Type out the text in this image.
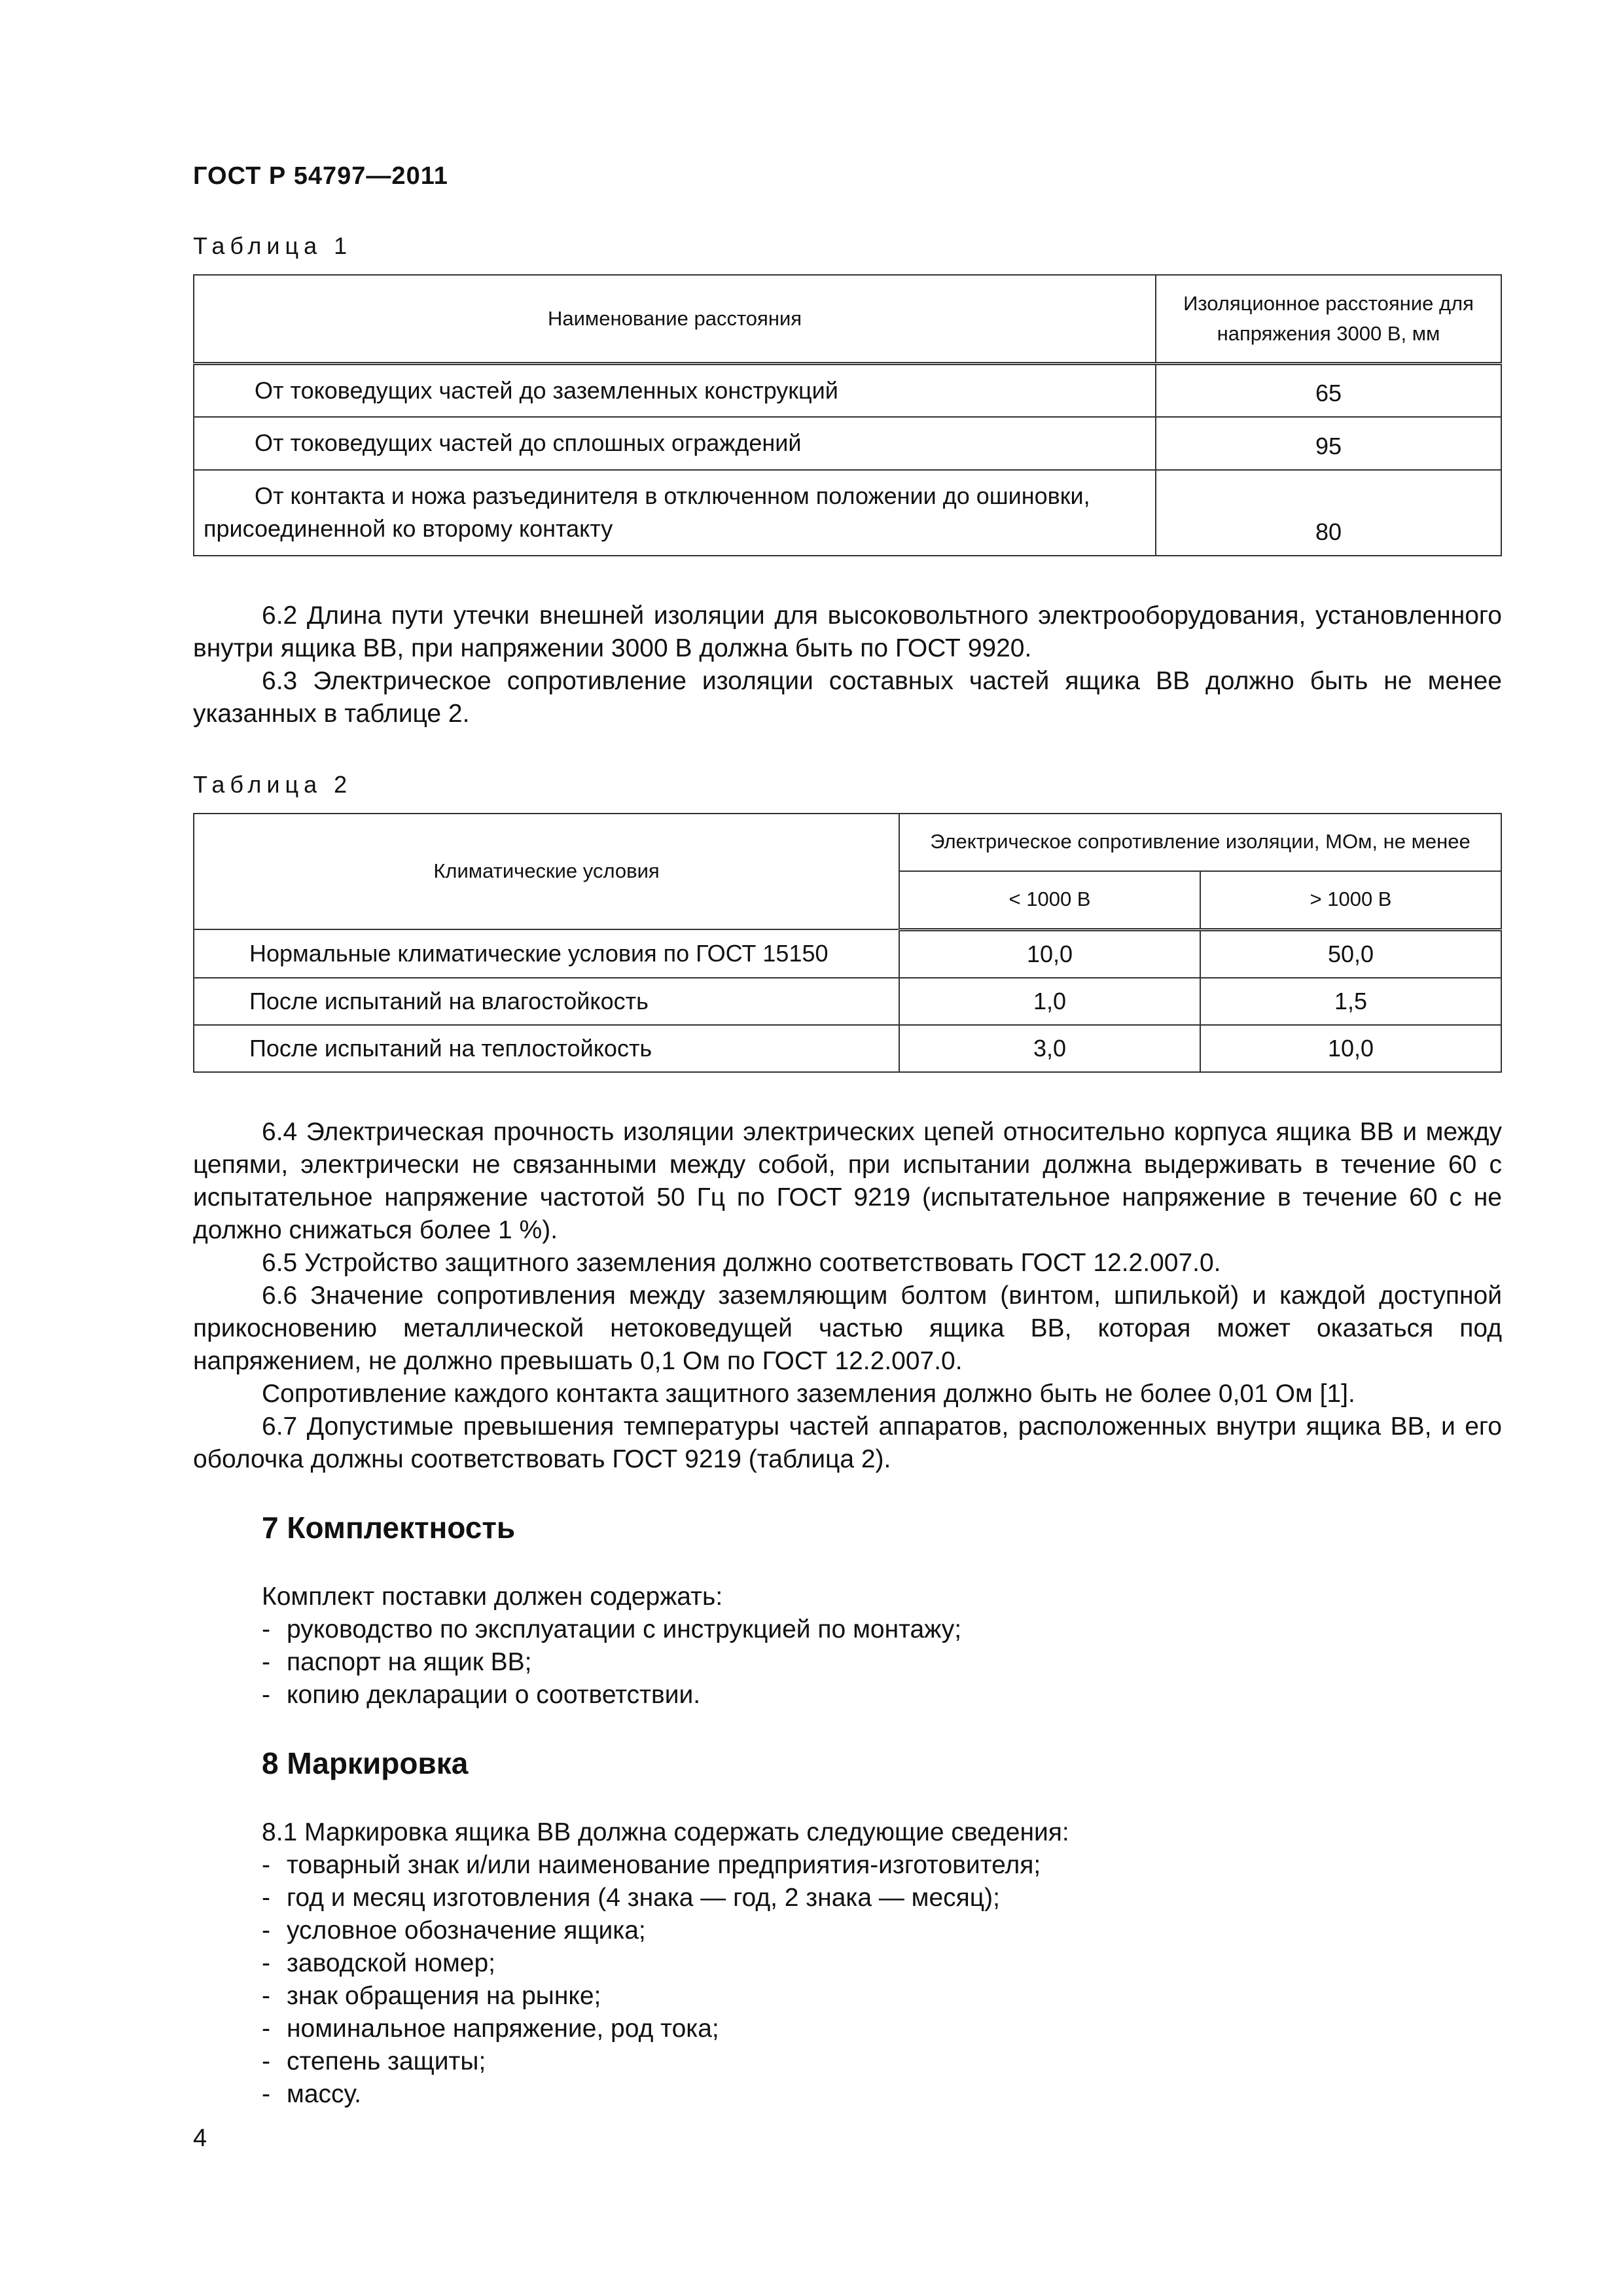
ГОСТ Р 54797—2011
Таблица 1
Наименование расстояния	Изоляционное расстояние для
напряжения 3000 В, мм
От токоведущих частей до заземленных конструкций	65
От токоведущих частей до сплошных ограждений	95
От контакта и ножа разъединителя в отключенном положении до ошиновки,
присоединенной ко второму контакту	80

6.2 Длина пути утечки внешней изоляции для высоковольтного электрооборудования, установленного внутри ящика ВВ, при напряжении 3000 В должна быть по ГОСТ 9920.

6.3 Электрическое сопротивление изоляции составных частей ящика ВВ должно быть не менее указанных в таблице 2.

Таблица 2
Климатические условия	Электрическое сопротивление изоляции, МОм, не менее	
	< 1000 В	> 1000 В
Нормальные климатические условия по ГОСТ 15150	10,0	50,0
После испытаний на влагостойкость	1,0	1,5
После испытаний на теплостойкость	3,0	10,0

6.4 Электрическая прочность изоляции электрических цепей относительно корпуса ящика ВВ и между цепями, электрически не связанными между собой, при испытании должна выдерживать в течение 60 с испытательное напряжение частотой 50 Гц по ГОСТ 9219 (испытательное напряжение в течение 60 с не должно снижаться более 1 %).

6.5 Устройство защитного заземления должно соответствовать ГОСТ 12.2.007.0.

6.6 Значение сопротивления между заземляющим болтом (винтом, шпилькой) и каждой доступной прикосновению металлической нетоковедущей частью ящика ВВ, которая может оказаться под напряжением, не должно превышать 0,1 Ом по ГОСТ 12.2.007.0.

Сопротивление каждого контакта защитного заземления должно быть не более 0,01 Ом [1].

6.7 Допустимые превышения температуры частей аппаратов, расположенных внутри ящика ВВ, и его оболочка должны соответствовать ГОСТ 9219 (таблица 2).

7 Комплектность

Комплект поставки должен содержать:

- руководство по эксплуатации с инструкцией по монтажу;
- паспорт на ящик ВВ;
- копию декларации о соответствии.
8 Маркировка

8.1 Маркировка ящика ВВ должна содержать следующие сведения:

- товарный знак и/или наименование предприятия-изготовителя;
- год и месяц изготовления (4 знака — год, 2 знака — месяц);
- условное обозначение ящика;
- заводской номер;
- знак обращения на рынке;
- номинальное напряжение, род тока;
- степень защиты;
- массу.
4
